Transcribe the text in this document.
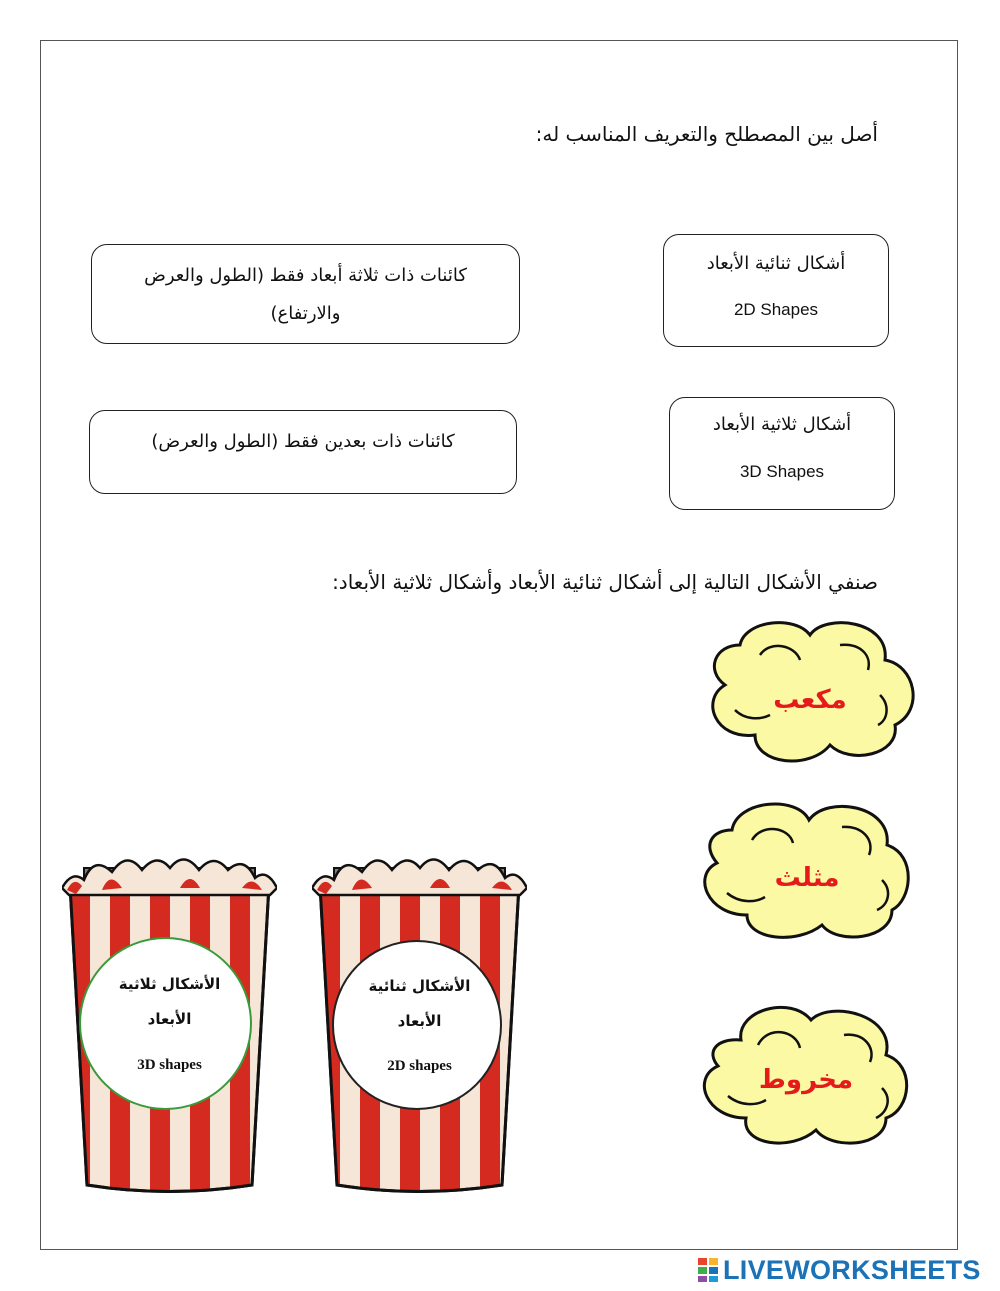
أصل بين المصطلح والتعريف المناسب له:
أشكال ثنائية الأبعاد
2D Shapes
أشكال ثلاثية الأبعاد
3D Shapes
كائنات ذات ثلاثة أبعاد فقط (الطول والعرض والارتفاع)
كائنات ذات بعدين فقط (الطول والعرض)
صنفي الأشكال التالية إلى أشكال ثنائية الأبعاد وأشكال ثلاثية الأبعاد:
مكعب
مثلث
مخروط
الأشكال ثلاثية
الأبعاد
3D shapes
الأشكال ثنائية
الأبعاد
2D shapes
LIVEWORKSHEETS
